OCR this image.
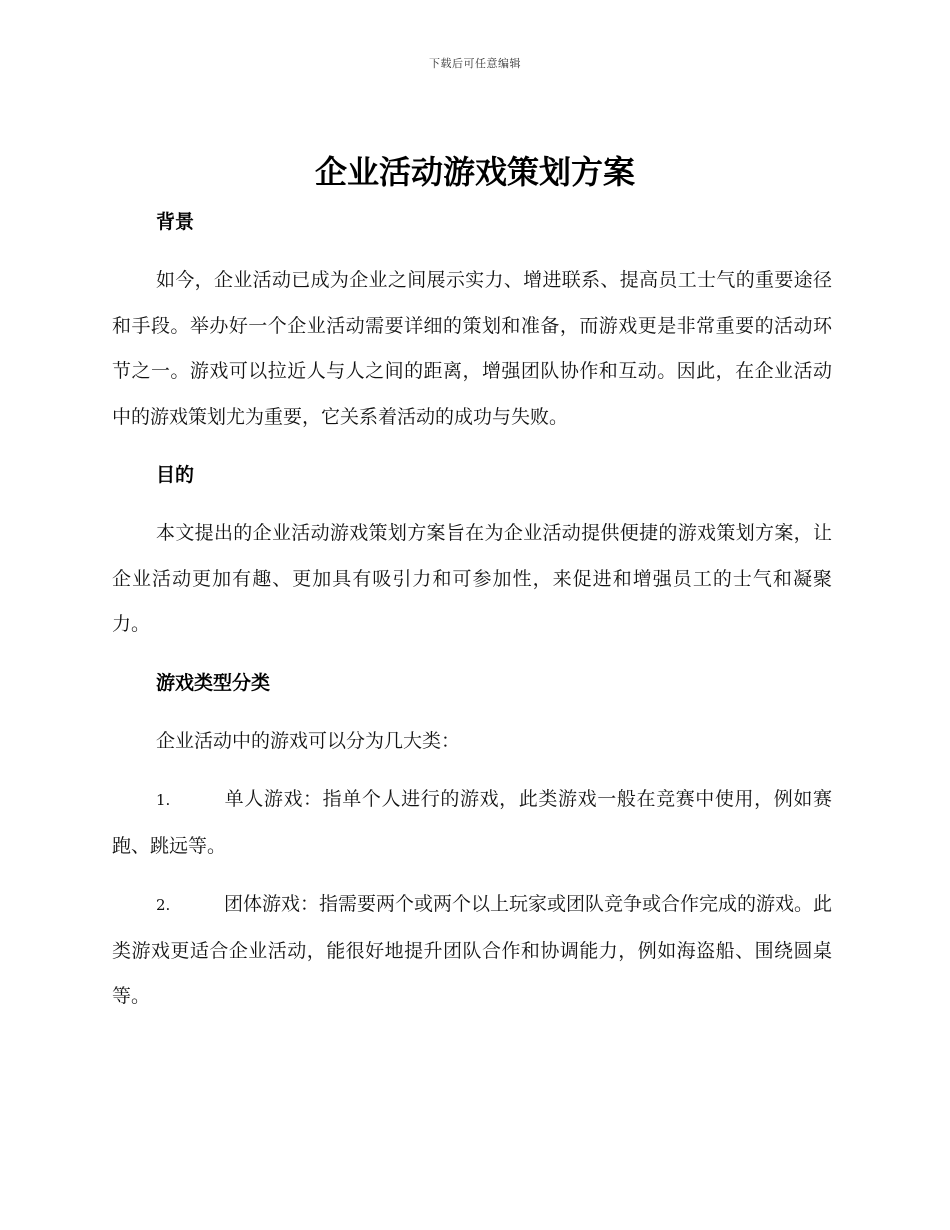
下载后可任意编辑
企业活动游戏策划方案
背景

如今，企业活动已成为企业之间展示实力、增进联系、提高员工士气的重要途径和手段。举办好一个企业活动需要详细的策划和准备，而游戏更是非常重要的活动环节之一。游戏可以拉近人与人之间的距离，增强团队协作和互动。因此，在企业活动中的游戏策划尤为重要，它关系着活动的成功与失败。

目的

本文提出的企业活动游戏策划方案旨在为企业活动提供便捷的游戏策划方案，让企业活动更加有趣、更加具有吸引力和可参加性，来促进和增强员工的士气和凝聚力。

游戏类型分类

企业活动中的游戏可以分为几大类：

1.	单人游戏：指单个人进行的游戏，此类游戏一般在竞赛中使用，例如赛跑、跳远等。

2.	团体游戏：指需要两个或两个以上玩家或团队竞争或合作完成的游戏。此类游戏更适合企业活动，能很好地提升团队合作和协调能力，例如海盗船、围绕圆桌等。
